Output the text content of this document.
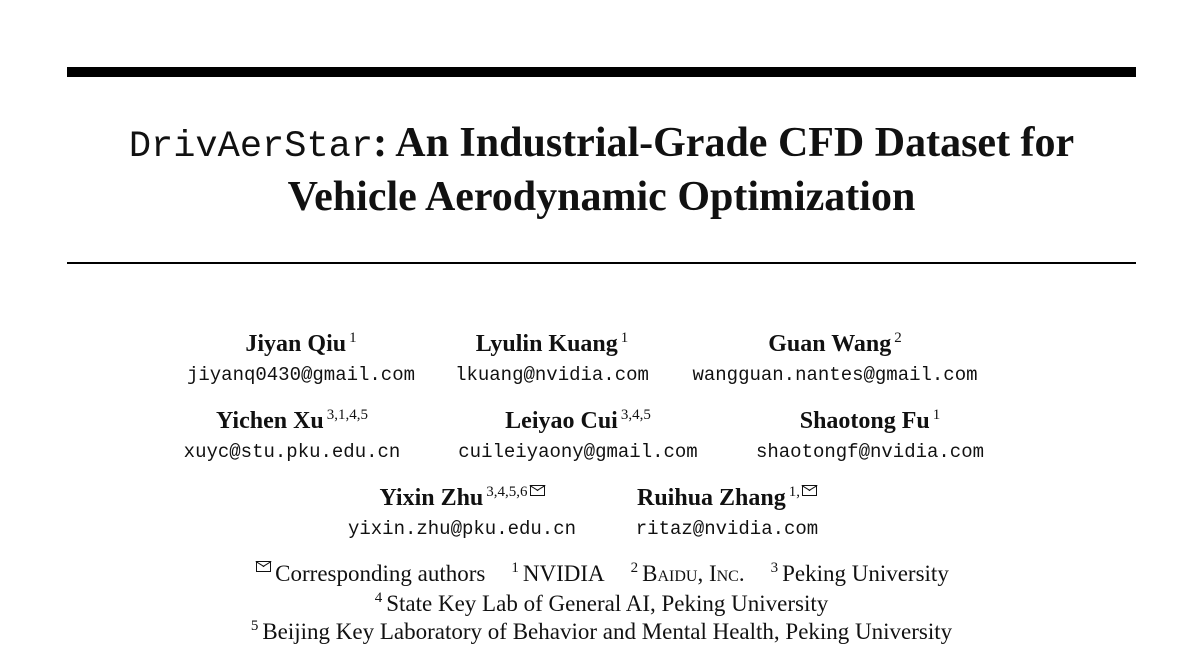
DrivAerStar: An Industrial-Grade CFD Dataset for
Vehicle Aerodynamic Optimization
Jiyan Qiu $^1$
jiyanq0430@gmail.com
Lyulin Kuang $^1$
lkuang@nvidia.com
Guan Wang $^2$
wangguan.nantes@gmail.com
Yichen Xu $^{3,1,4,5}$
xuyc@stu.pku.edu.cn
Leiyao Cui $^{3,4,5}$
cuileiyaony@gmail.com
Shaotong Fu $^1$
shaotongf@nvidia.com
Yixin Zhu $^{3,4,5,6}$
yixin.zhu@pku.edu.cn
Ruihua Zhang $^{1,}$
ritaz@nvidia.com
Corresponding authors $^1$ NVIDIA $^2$ Baidu, Inc. $^3$ Peking University
$^4$ State Key Lab of General AI, Peking University
$^5$ Beijing Key Laboratory of Behavior and Mental Health, Peking University
